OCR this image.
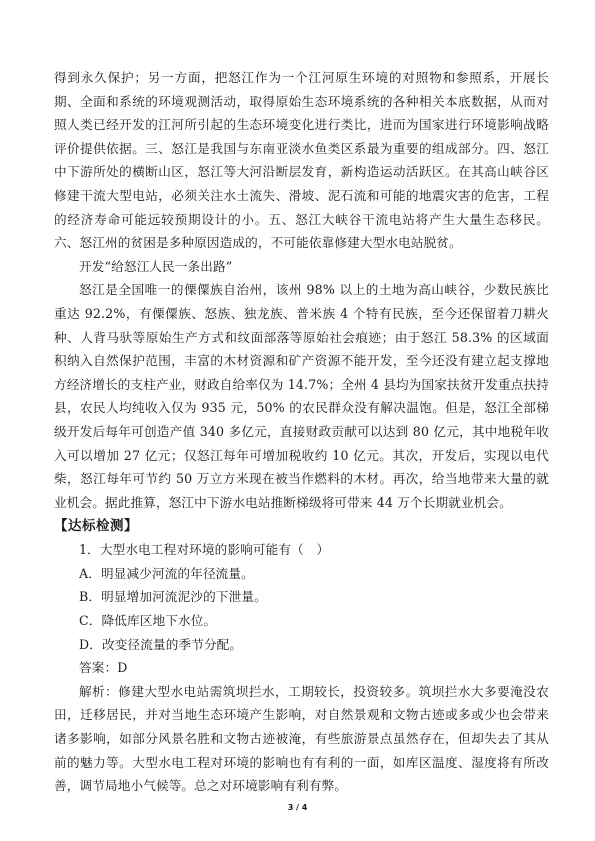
得到永久保护；另一方面，把怒江作为一个江河原生环境的对照物和参照系，开展长期、全面和系统的环境观测活动，取得原始生态环境系统的各种相关本底数据，从而对照人类已经开发的江河所引起的生态环境变化进行类比，进而为国家进行环境影响战略评价提供依据。三、怒江是我国与东南亚淡水鱼类区系最为重要的组成部分。四、怒江中下游所处的横断山区，怒江等大河沿断层发育，新构造运动活跃区。在其高山峡谷区修建干流大型电站，必须关注水土流失、滑坡、泥石流和可能的地震灾害的危害，工程的经济寿命可能远较预期设计的小。五、怒江大峡谷干流电站将产生大量生态移民。六、怒江州的贫困是多种原因造成的，不可能依靠修建大型水电站脱贫。

开发“给怒江人民一条出路”

怒江是全国唯一的傈僳族自治州，该州 98% 以上的土地为高山峡谷，少数民族比重达 92.2%，有傈僳族、怒族、独龙族、普米族 4 个特有民族，至今还保留着刀耕火种、人背马驮等原始生产方式和纹面部落等原始社会痕迹；由于怒江 58.3% 的区域面积纳入自然保护范围，丰富的木材资源和矿产资源不能开发，至今还没有建立起支撑地方经济增长的支柱产业，财政自给率仅为 14.7%；全州 4 县均为国家扶贫开发重点扶持县，农民人均纯收入仅为 935 元，50% 的农民群众没有解决温饱。但是，怒江全部梯级开发后每年可创造产值 340 多亿元，直接财政贡献可以达到 80 亿元，其中地税年收入可以增加 27 亿元；仅怒江每年可增加税收约 10 亿元。其次，开发后，实现以电代柴，怒江每年可节约 50 万立方米现在被当作燃料的木材。再次，给当地带来大量的就业机会。据此推算，怒江中下游水电站推断梯级将可带来 44 万个长期就业机会。

【达标检测】

1．大型水电工程对环境的影响可能有（　）

A．明显减少河流的年径流量。

B．明显增加河流泥沙的下泄量。

C．降低库区地下水位。

D．改变径流量的季节分配。

答案：D

解析：修建大型水电站需筑坝拦水，工期较长，投资较多。筑坝拦水大多要淹没农田，迁移居民，并对当地生态环境产生影响，对自然景观和文物古迹或多或少也会带来诸多影响，如部分风景名胜和文物古迹被淹，有些旅游景点虽然存在，但却失去了其从前的魅力等。大型水电工程对环境的影响也有有利的一面，如库区温度、湿度将有所改善，调节局地小气候等。总之对环境影响有利有弊。

3 / 4
